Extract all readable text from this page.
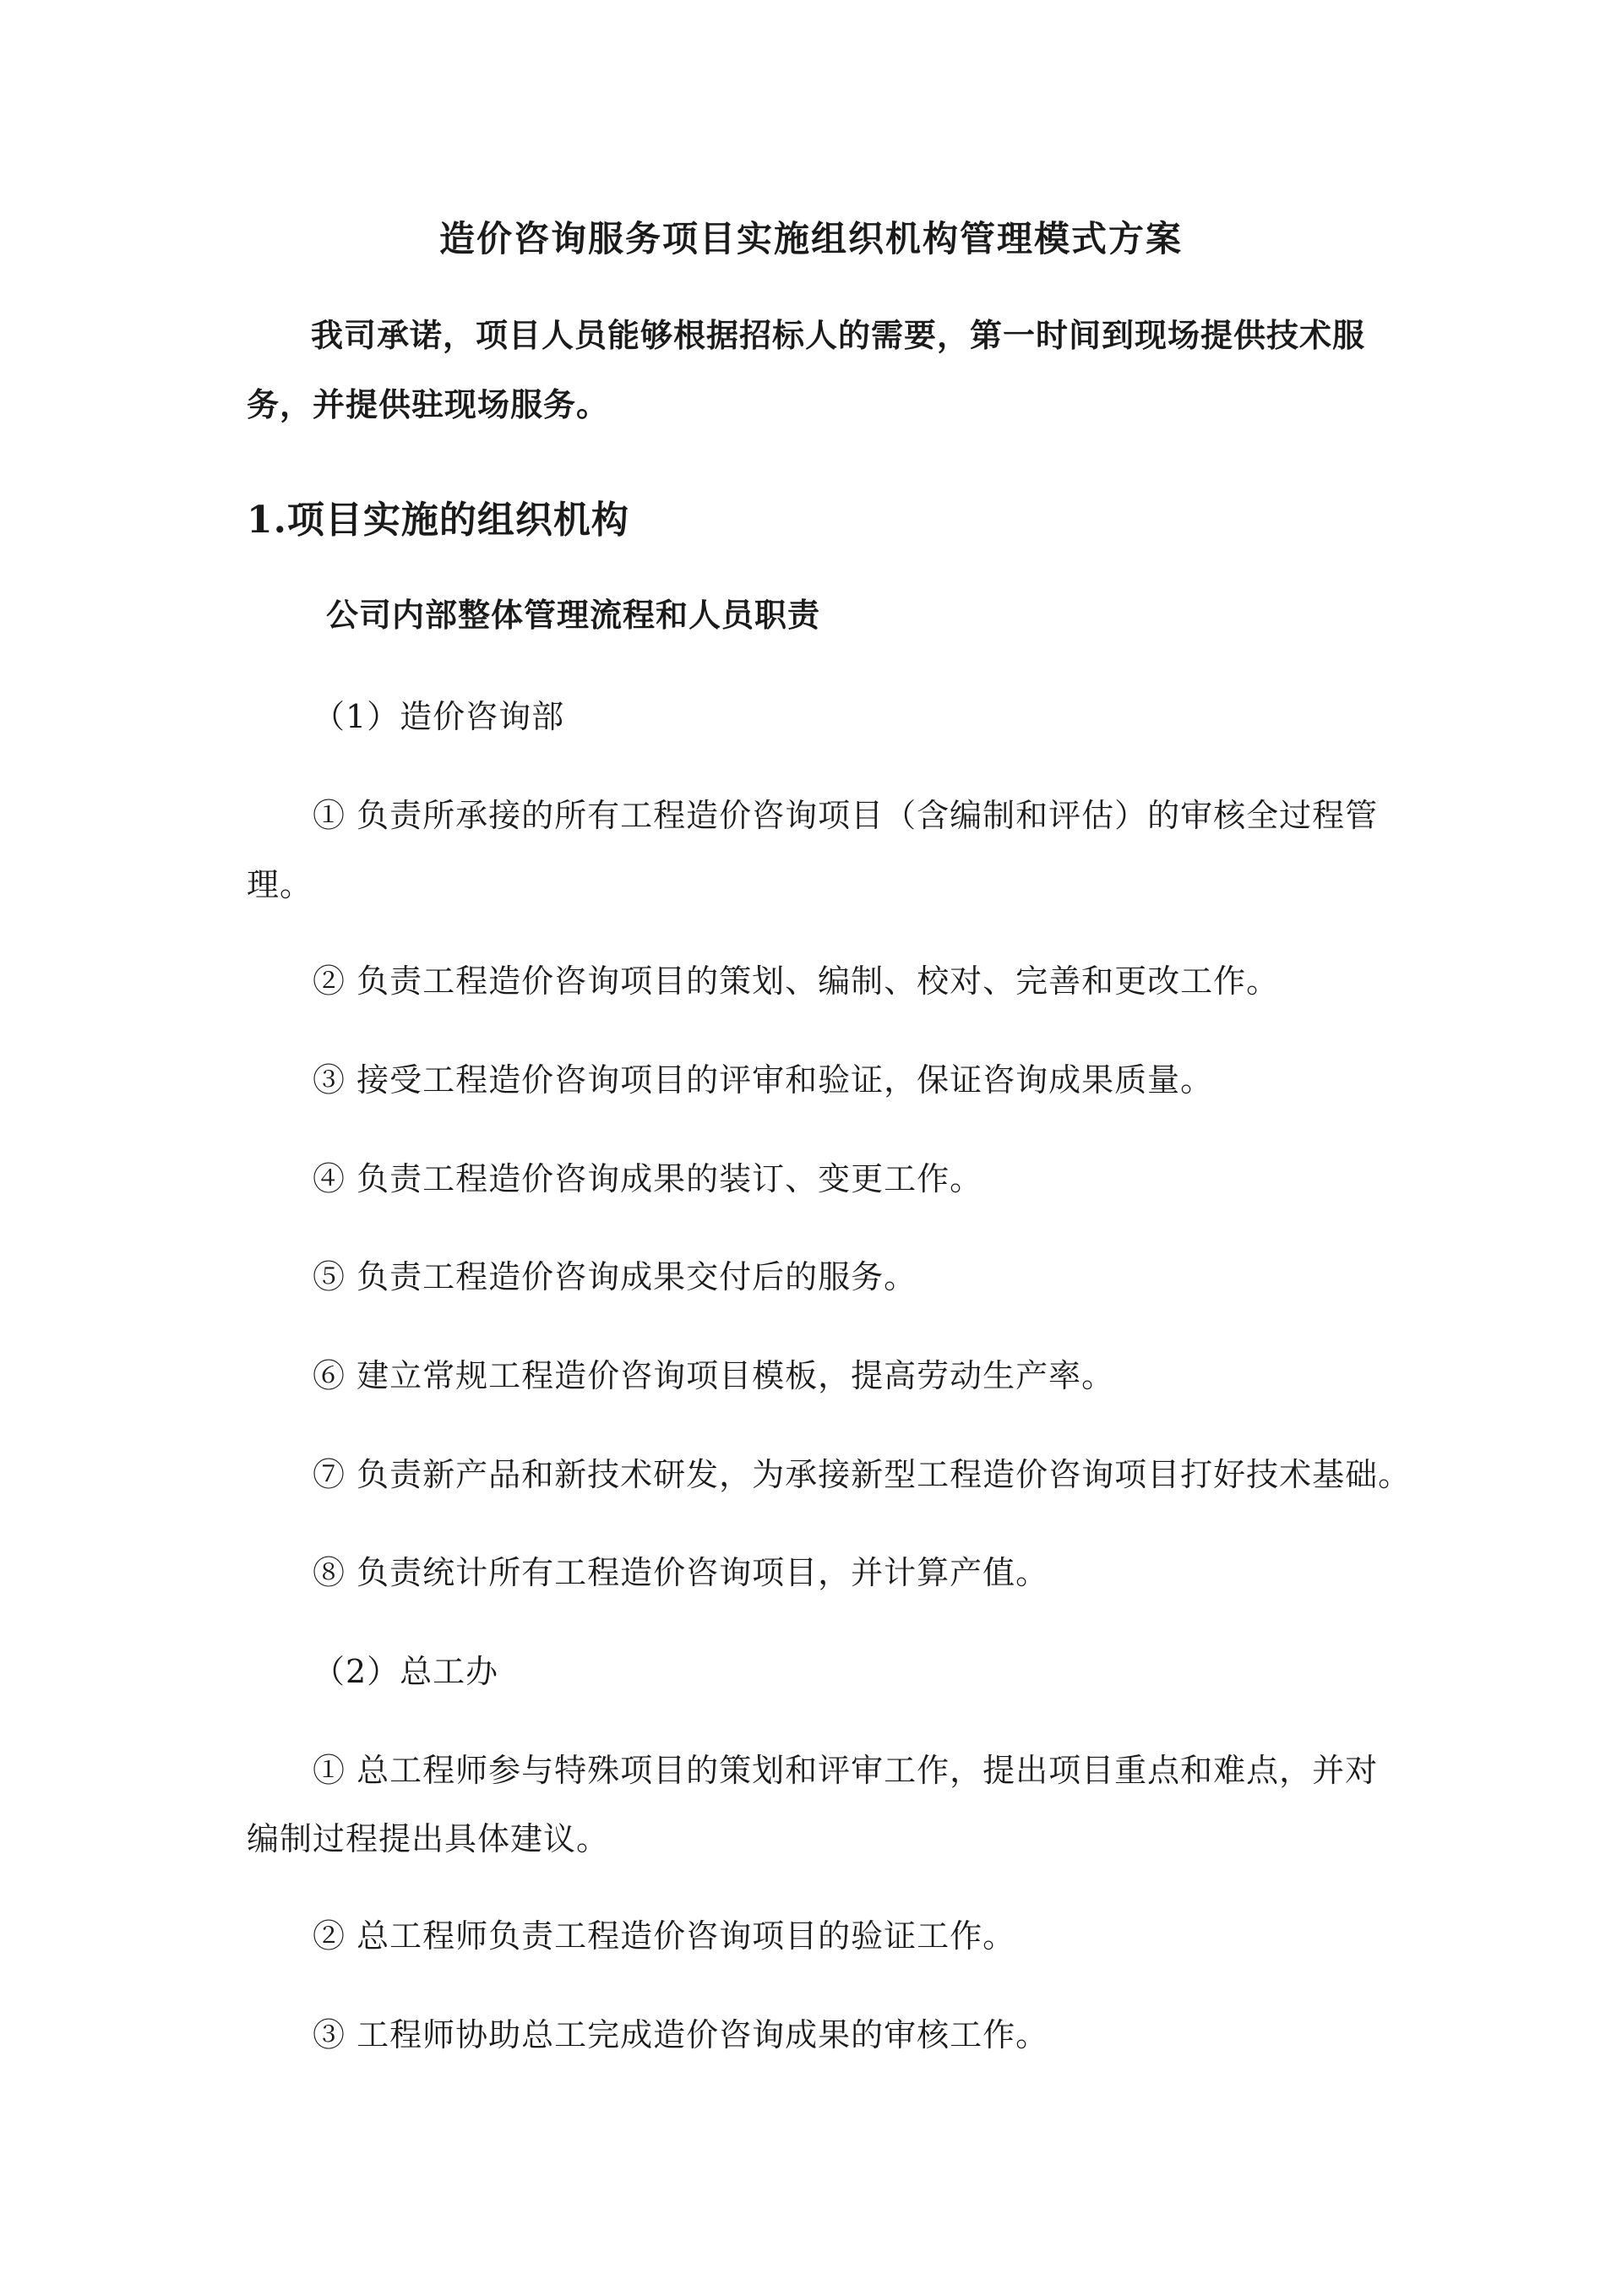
造价咨询服务项目实施组织机构管理模式方案
我司承诺，项目人员能够根据招标人的需要，第一时间到现场提供技术服
务，并提供驻现场服务。
1.项目实施的组织机构
公司内部整体管理流程和人员职责
（1）造价咨询部
① 负责所承接的所有工程造价咨询项目（含编制和评估）的审核全过程管
理。
② 负责工程造价咨询项目的策划、编制、校对、完善和更改工作。
③ 接受工程造价咨询项目的评审和验证，保证咨询成果质量。
④ 负责工程造价咨询成果的装订、变更工作。
⑤ 负责工程造价咨询成果交付后的服务。
⑥ 建立常规工程造价咨询项目模板，提高劳动生产率。
⑦ 负责新产品和新技术研发，为承接新型工程造价咨询项目打好技术基础。
⑧ 负责统计所有工程造价咨询项目，并计算产值。
（2）总工办
① 总工程师参与特殊项目的策划和评审工作，提出项目重点和难点，并对
编制过程提出具体建议。
② 总工程师负责工程造价咨询项目的验证工作。
③ 工程师协助总工完成造价咨询成果的审核工作。
